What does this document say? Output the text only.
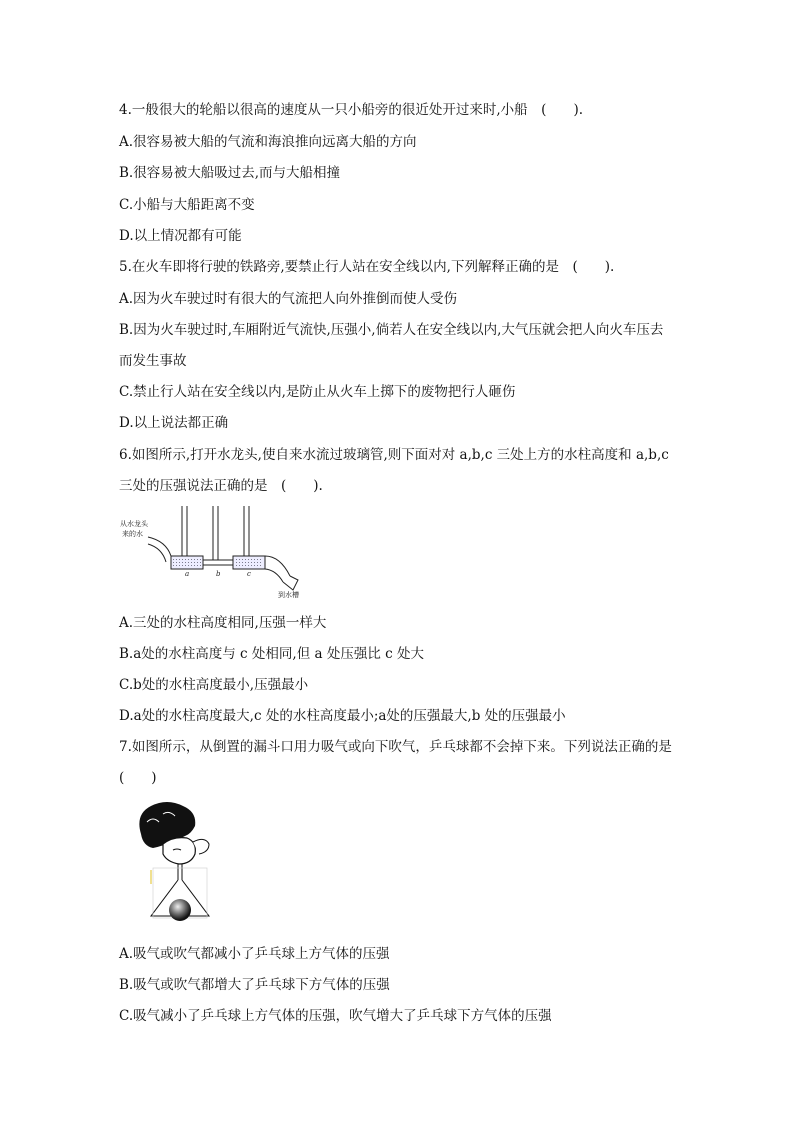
4.一般很大的轮船以很高的速度从一只小船旁的很近处开过来时,小船　(　　).
A.很容易被大船的气流和海浪推向远离大船的方向
B.很容易被大船吸过去,而与大船相撞
C.小船与大船距离不变
D.以上情况都有可能
5.在火车即将行驶的铁路旁,要禁止行人站在安全线以内,下列解释正确的是　(　　).
A.因为火车驶过时有很大的气流把人向外推倒而使人受伤
B.因为火车驶过时,车厢附近气流快,压强小,倘若人在安全线以内,大气压就会把人向火车压去
而发生事故
C.禁止行人站在安全线以内,是防止从火车上掷下的废物把行人砸伤
D.以上说法都正确
6.如图所示,打开水龙头,使自来水流过玻璃管,则下面对对 a,b,c 三处上方的水柱高度和 a,b,c
三处的压强说法正确的是　(　　).
从水龙头
来的水
a	b	c
到水槽
A.三处的水柱高度相同,压强一样大
B.a处的水柱高度与 c 处相同,但 a 处压强比 c 处大
C.b处的水柱高度最小,压强最小
D.a处的水柱高度最大,c 处的水柱高度最小;a处的压强最大,b 处的压强最小
7.如图所示，从倒置的漏斗口用力吸气或向下吹气，乒乓球都不会掉下来。下列说法正确的是
(　　)
A.吸气或吹气都减小了乒乓球上方气体的压强
B.吸气或吹气都增大了乒乓球下方气体的压强
C.吸气减小了乒乓球上方气体的压强，吹气增大了乒乓球下方气体的压强
